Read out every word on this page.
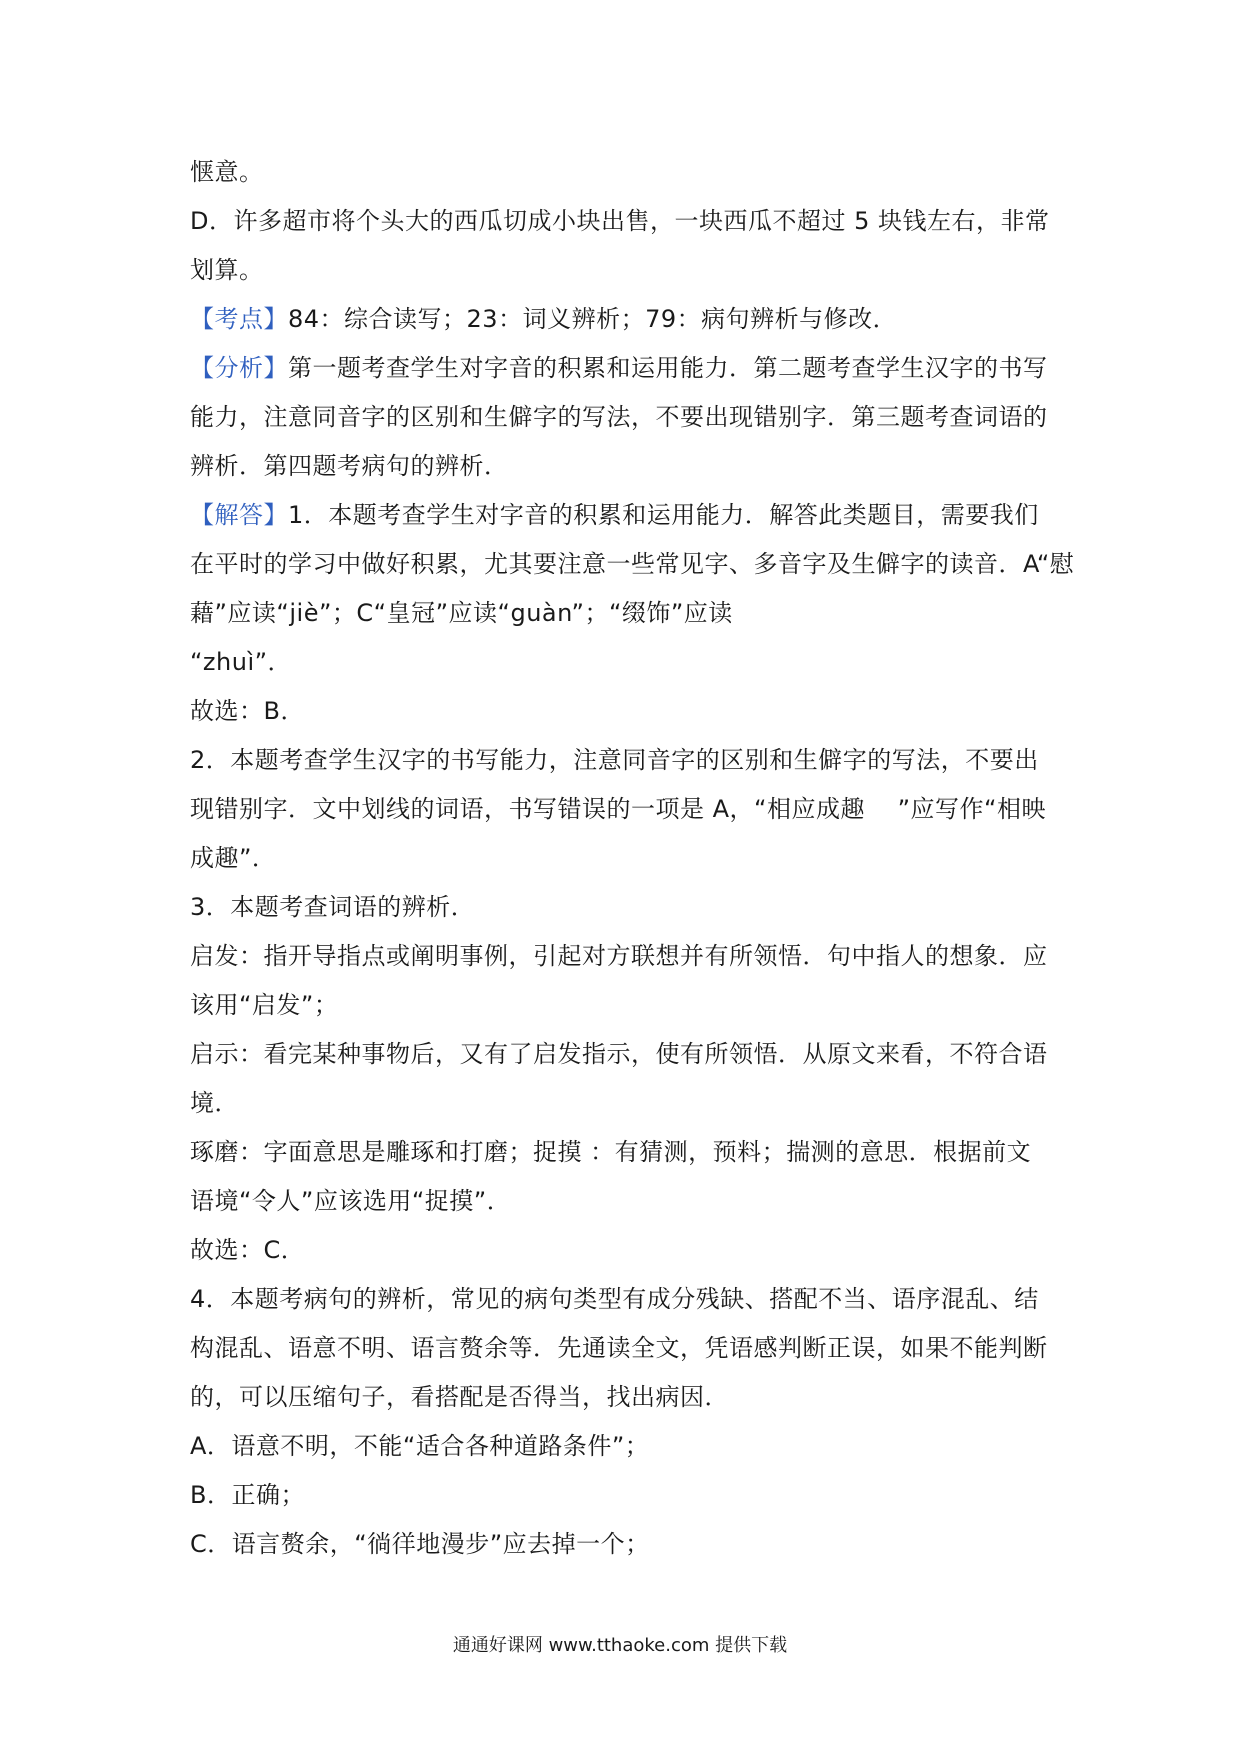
惬意。
D．许多超市将个头大的西瓜切成小块出售，一块西瓜不超过 5 块钱左右，非常
划算。
【考点】84：综合读写；23：词义辨析；79：病句辨析与修改．
【分析】第一题考查学生对字音的积累和运用能力．第二题考查学生汉字的书写
能力，注意同音字的区别和生僻字的写法，不要出现错别字．第三题考查词语的
辨析．第四题考病句的辨析．
【解答】1．本题考查学生对字音的积累和运用能力．解答此类题目，需要我们
在平时的学习中做好积累，尤其要注意一些常见字、多音字及生僻字的读音．A“慰
藉”应读“jiè”；C“皇冠”应读“guàn”；“缀饰”应读
“zhuì”．
故选：B．
2．本题考查学生汉字的书写能力，注意同音字的区别和生僻字的写法，不要出
现错别字．文中划线的词语，书写错误的一项是 A，“相应成趣　 ”应写作“相映
成趣”．
3．本题考查词语的辨析．
启发：指开导指点或阐明事例，引起对方联想并有所领悟．句中指人的想象．应
该用“启发”；
启示：看完某种事物后，又有了启发指示，使有所领悟．从原文来看，不符合语
境．
琢磨：字面意思是雕琢和打磨；捉摸 ：有猜测，预料；揣测的意思．根据前文
语境“令人”应该选用“捉摸”．
故选：C．
4．本题考病句的辨析，常见的病句类型有成分残缺、搭配不当、语序混乱、结
构混乱、语意不明、语言赘余等．先通读全文，凭语感判断正误，如果不能判断
的，可以压缩句子，看搭配是否得当，找出病因．
A．语意不明，不能“适合各种道路条件”；
B．正确；
C．语言赘余，“徜徉地漫步”应去掉一个；
通通好课网 www.tthaoke.com 提供下载
